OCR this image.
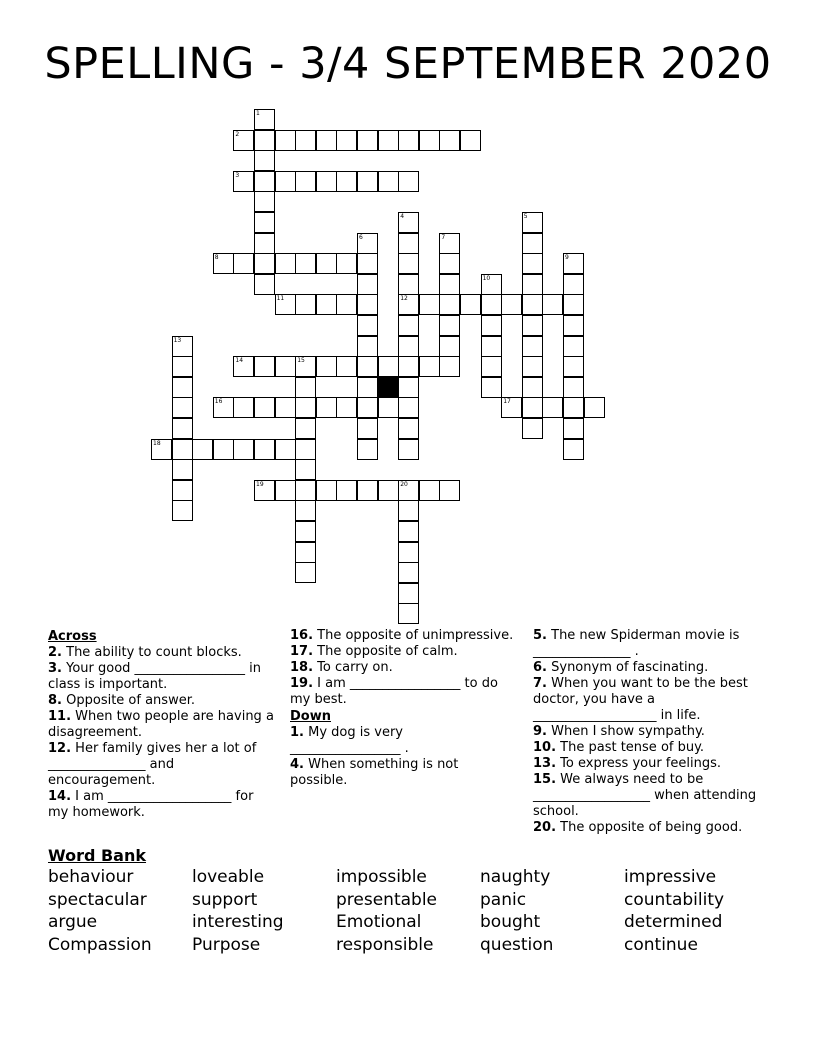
SPELLING - 3/4 SEPTEMBER 2020
1
2
3
4
12
5
6	7
8	9
10
11
13
14	15
16	17
18
19	20

Across

2. The ability to count blocks.

3. Your good _________________ in class is important.

8. Opposite of answer.

11. When two people are having a disagreement.

12. Her family gives her a lot of _______________ and encouragement.

14. I am ___________________ for my homework.

16. The opposite of unimpressive.

17. The opposite of calm.

18. To carry on.

19. I am _________________ to do my best.

Down

1. My dog is very _________________ .

4. When something is not possible.

5. The new Spiderman movie is _______________ .

6. Synonym of fascinating.

7. When you want to be the best doctor, you have a ___________________ in life.

9. When I show sympathy.

10. The past tense of buy.

13. To express your feelings.

15. We always need to be __________________ when attending school.

20. The opposite of being good.

Word Bank
behaviour	loveable	impossible	naughty	impressive
spectacular	support	presentable	panic	countability
argue	interesting	Emotional	bought	determined
Compassion	Purpose	responsible	question	continue
